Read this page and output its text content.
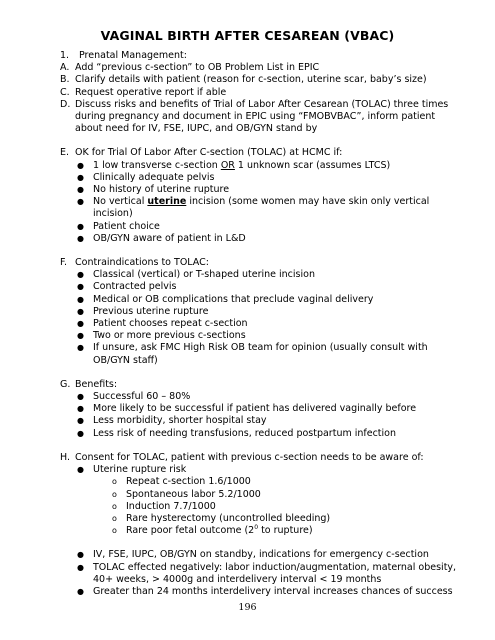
VAGINAL BIRTH AFTER CESAREAN (VBAC)
1.	Prenatal Management:
A. Add “previous c-section” to OB Problem List in EPIC
B. Clarify details with patient (reason for c-section, uterine scar, baby’s size)
C. Request operative report if able
D. Discuss risks and benefits of Trial of Labor After Cesarean (TOLAC) three times during pregnancy and document in EPIC using “FMOBVBAC”, inform patient about need for IV, FSE, IUPC, and OB/GYN stand by
E. OK for Trial Of Labor After C-section (TOLAC) at HCMC if:
● 1 low transverse c-section OR 1 unknown scar (assumes LTCS)
● Clinically adequate pelvis
● No history of uterine rupture
● No vertical uterine incision (some women may have skin only vertical incision)
● Patient choice
● OB/GYN aware of patient in L&D
F. Contraindications to TOLAC:
● Classical (vertical) or T-shaped uterine incision
● Contracted pelvis
● Medical or OB complications that preclude vaginal delivery
● Previous uterine rupture
● Patient chooses repeat c-section
● Two or more previous c-sections
● If unsure, ask FMC High Risk OB team for opinion (usually consult with OB/GYN staff)
G. Benefits:
● Successful 60 – 80%
● More likely to be successful if patient has delivered vaginally before
● Less morbidity, shorter hospital stay
● Less risk of needing transfusions, reduced postpartum infection
H. Consent for TOLAC, patient with previous c-section needs to be aware of:
● Uterine rupture risk
o Repeat c-section 1.6/1000
o Spontaneous labor 5.2/1000
o Induction 7.7/1000
o Rare hysterectomy (uncontrolled bleeding)
o Rare poor fetal outcome ($2^0$ to rupture)
● IV, FSE, IUPC, OB/GYN on standby, indications for emergency c-section
● TOLAC effected negatively: labor induction/augmentation, maternal obesity, 40+ weeks, > 4000g and interdelivery interval < 19 months
● Greater than 24 months interdelivery interval increases chances of success
196
